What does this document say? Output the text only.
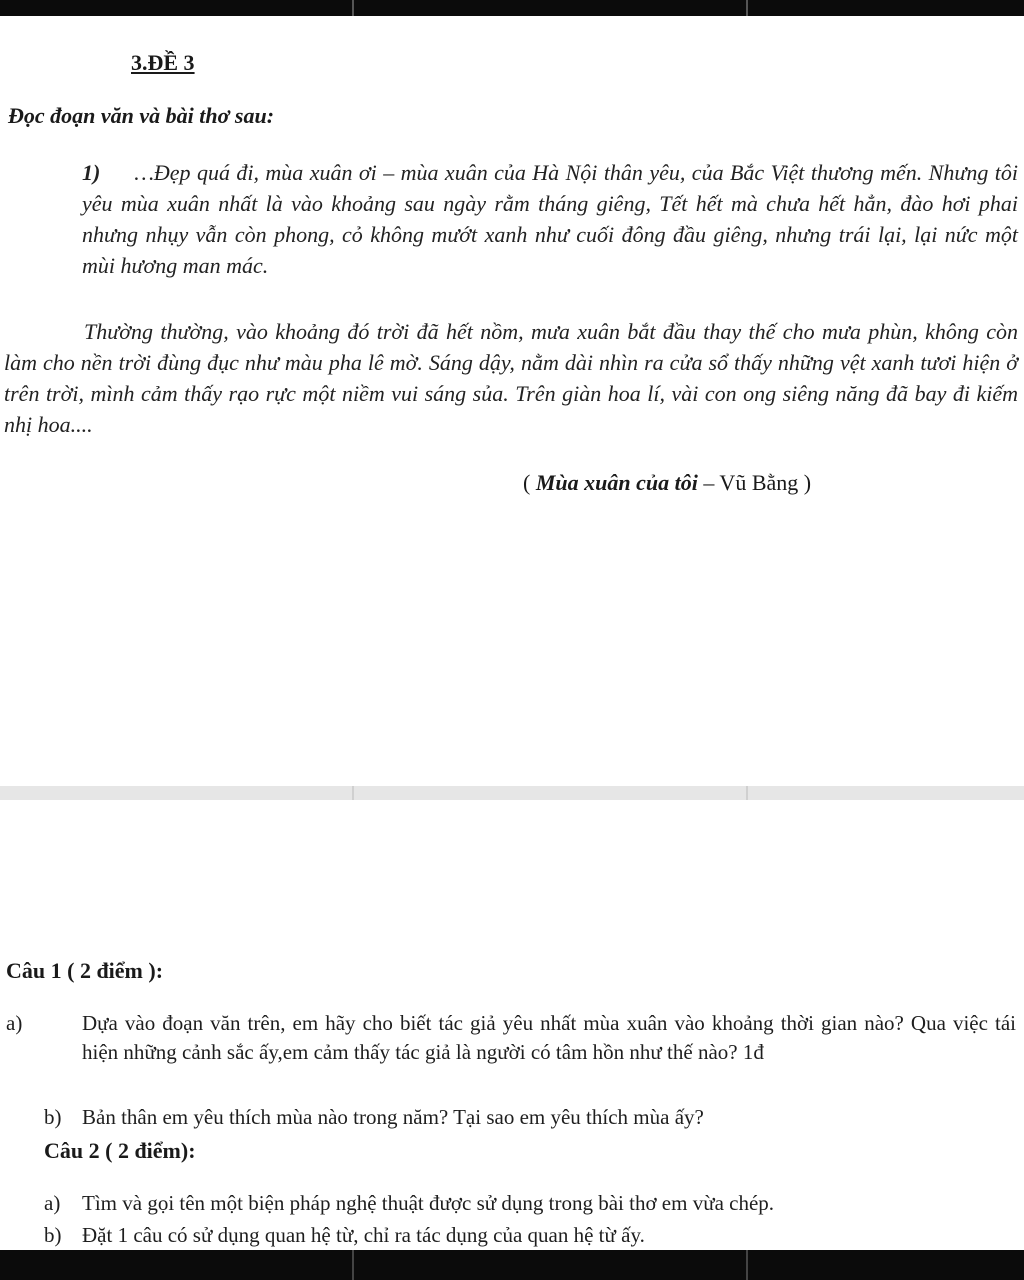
3.ĐỀ 3
Đọc đoạn văn và bài thơ sau:
1) …Đẹp quá đi, mùa xuân ơi – mùa xuân của Hà Nội thân yêu, của Bắc Việt thương mến. Nhưng tôi yêu mùa xuân nhất là vào khoảng sau ngày rằm tháng giêng, Tết hết mà chưa hết hẳn, đào hơi phai nhưng nhụy vẫn còn phong, cỏ không mướt xanh như cuối đông đầu giêng, nhưng trái lại, lại nức một mùi hương man mác.
Thường thường, vào khoảng đó trời đã hết nồm, mưa xuân bắt đầu thay thế cho mưa phùn, không còn làm cho nền trời đùng đục như màu pha lê mờ. Sáng dậy, nằm dài nhìn ra cửa sổ thấy những vệt xanh tươi hiện ở trên trời, mình cảm thấy rạo rực một niềm vui sáng sủa. Trên giàn hoa lí, vài con ong siêng năng đã bay đi kiếm nhị hoa....
( Mùa xuân của tôi – Vũ Bằng )
Câu 1 ( 2 điểm ):
a)	Dựa vào đoạn văn trên, em hãy cho biết tác giả yêu nhất mùa xuân vào khoảng thời gian nào? Qua việc tái hiện những cảnh sắc ấy,em cảm thấy tác giả là người có tâm hồn như thế nào? 1đ
b) Bản thân em yêu thích mùa nào trong năm? Tại sao em yêu thích mùa ấy?
Câu 2 ( 2 điểm):
a) Tìm và gọi tên một biện pháp nghệ thuật được sử dụng trong bài thơ em vừa chép.
b) Đặt 1 câu có sử dụng quan hệ từ, chỉ ra tác dụng của quan hệ từ ấy.
